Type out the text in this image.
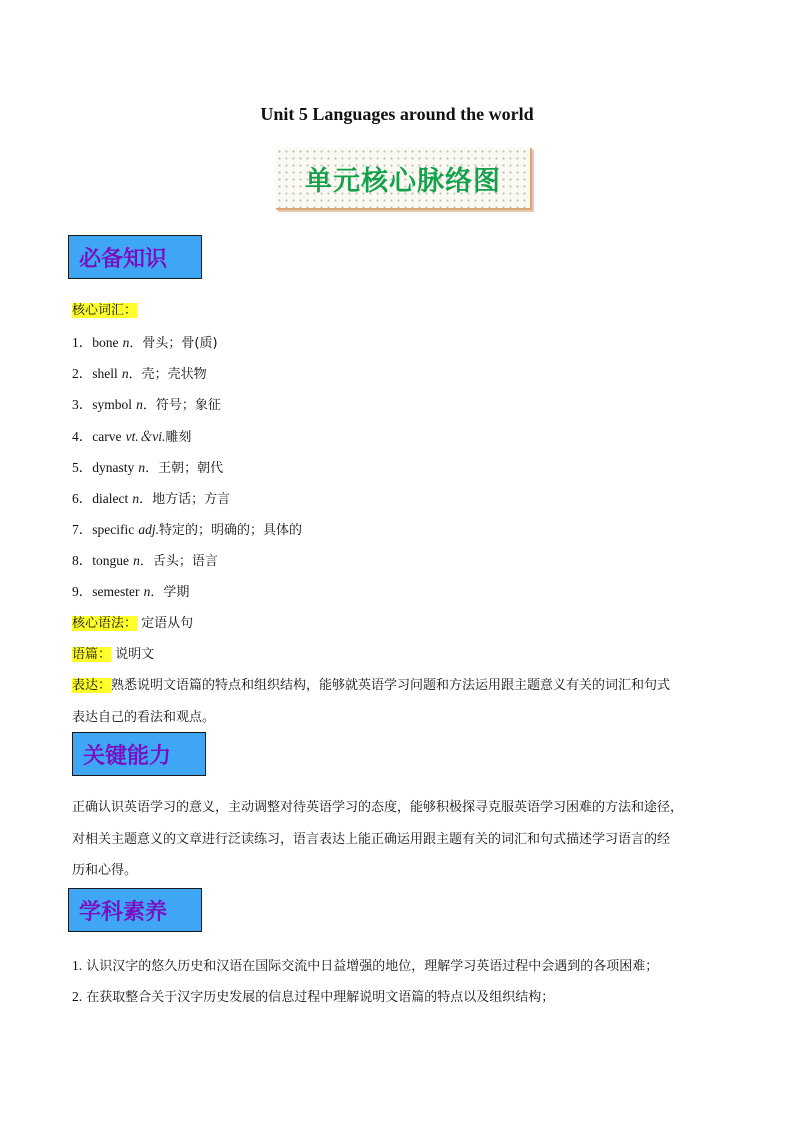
Unit 5 Languages around the world
单元核心脉络图
必备知识
核心词汇：
1．bone n．骨头；骨(质)
2．shell n．壳；壳状物
3．symbol n．符号；象征
4．carve vt.＆vi.雕刻
5．dynasty n．王朝；朝代
6．dialect n．地方话；方言
7．specific adj.特定的；明确的；具体的
8．tongue n．舌头；语言
9．semester n．学期
核心语法： 定语从句
语篇： 说明文
表达：熟悉说明文语篇的特点和组织结构，能够就英语学习问题和方法运用跟主题意义有关的词汇和句式
表达自己的看法和观点。
关键能力
正确认识英语学习的意义，主动调整对待英语学习的态度，能够积极探寻克服英语学习困难的方法和途径，
对相关主题意义的文章进行泛读练习，语言表达上能正确运用跟主题有关的词汇和句式描述学习语言的经
历和心得。
学科素养
1. 认识汉字的悠久历史和汉语在国际交流中日益增强的地位，理解学习英语过程中会遇到的各项困难；
2. 在获取整合关于汉字历史发展的信息过程中理解说明文语篇的特点以及组织结构；
